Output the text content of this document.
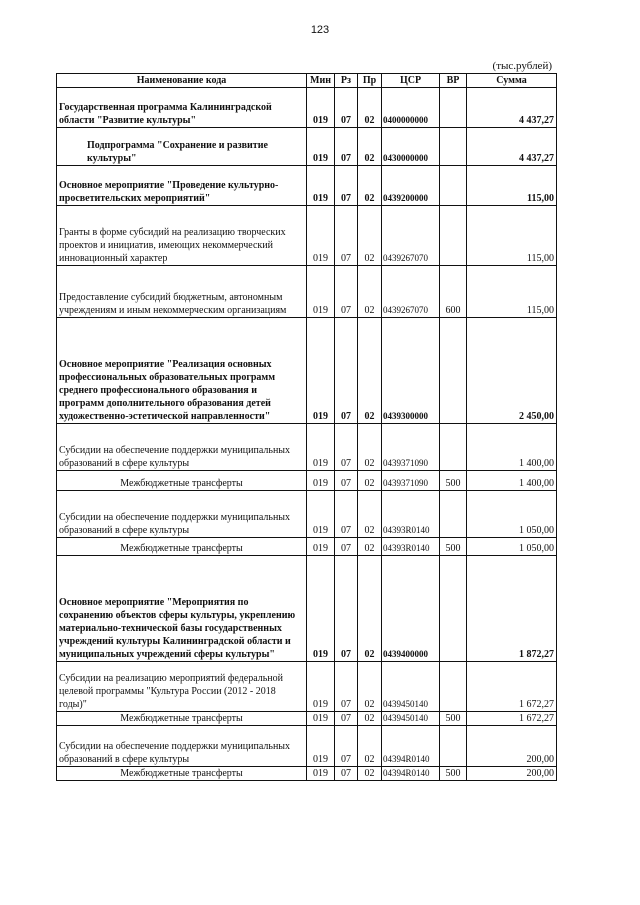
123
(тыс.рублей)
Наименование кода	Мин	Рз	Пр	ЦСР	ВР	Сумма
Государственная программа Калининградской области "Развитие культуры"	019	07	02	0400000000		4 437,27
Подпрограмма "Сохранение и развитие культуры"	019	07	02	0430000000		4 437,27
Основное мероприятие "Проведение культурно-просветительских мероприятий"	019	07	02	0439200000		115,00
Гранты в форме субсидий на реализацию творческих проектов и инициатив, имеющих некоммерческий инновационный характер	019	07	02	0439267070		115,00
Предоставление субсидий бюджетным, автономным учреждениям и иным некоммерческим организациям	019	07	02	0439267070	600	115,00
Основное мероприятие "Реализация основных профессиональных образовательных программ среднего профессионального образования и программ дополнительного образования детей художественно-эстетической направленности"	019	07	02	0439300000		2 450,00
Субсидии на обеспечение поддержки муниципальных образований в сфере культуры	019	07	02	0439371090		1 400,00
Межбюджетные трансферты	019	07	02	0439371090	500	1 400,00
Субсидии на обеспечение поддержки муниципальных образований в сфере культуры	019	07	02	04393R0140		1 050,00
Межбюджетные трансферты	019	07	02	04393R0140	500	1 050,00
Основное мероприятие "Мероприятия по сохранению объектов сферы культуры, укреплению материально-технической базы государственных учреждений культуры Калининградской области и муниципальных учреждений сферы культуры"	019	07	02	0439400000		1 872,27
Субсидии на реализацию мероприятий федеральной целевой программы "Культура России (2012 - 2018 годы)"	019	07	02	0439450140		1 672,27
Межбюджетные трансферты	019	07	02	0439450140	500	1 672,27
Субсидии на обеспечение поддержки муниципальных образований в сфере культуры	019	07	02	04394R0140		200,00
Межбюджетные трансферты	019	07	02	04394R0140	500	200,00
